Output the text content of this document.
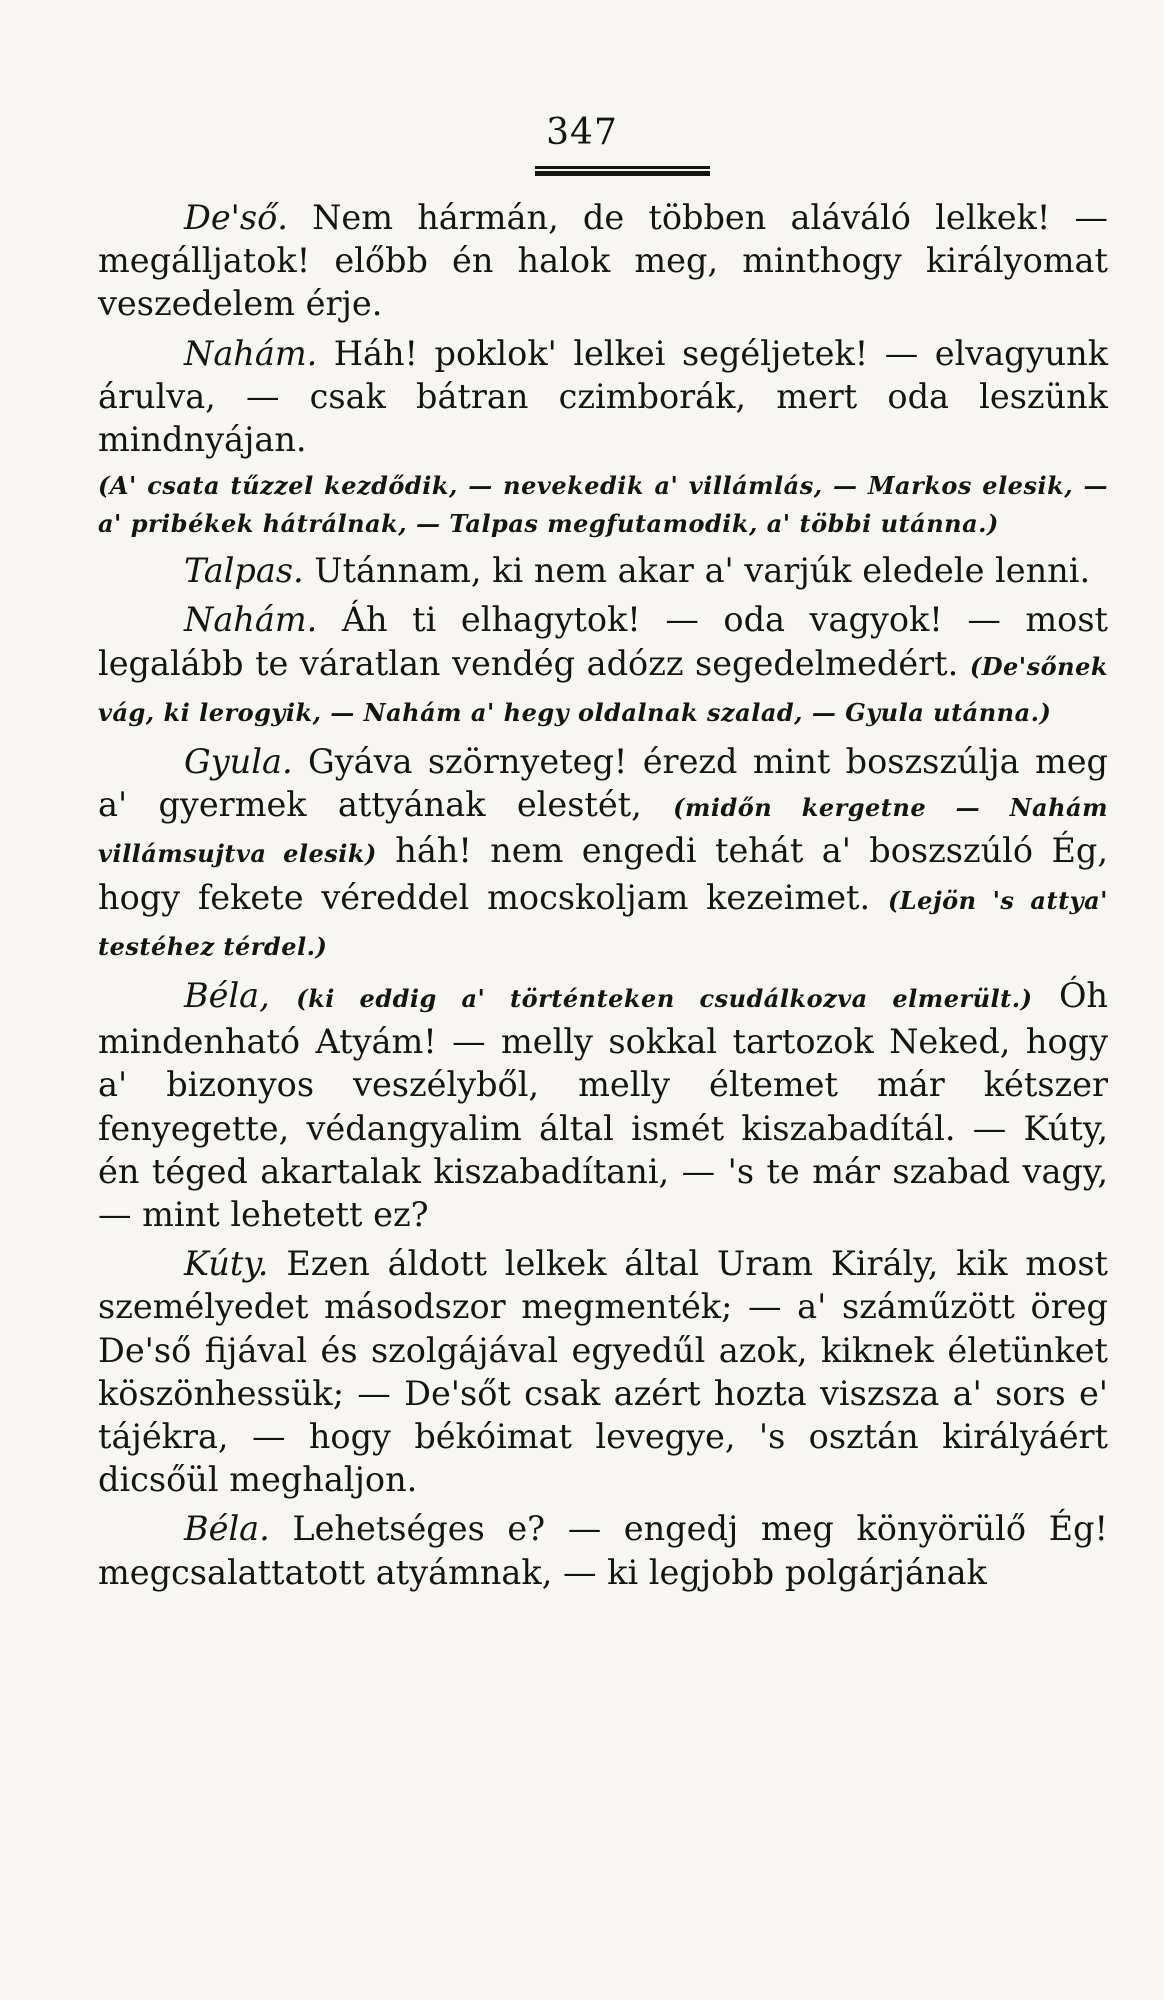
347

De'ső. Nem hármán, de többen aláváló lelkek! — megálljatok! előbb én halok meg, minthogy királyomat veszedelem érje.

Nahám. Háh! poklok' lelkei segéljetek! — elvagyunk árulva, — csak bátran czimborák, mert oda leszünk mindnyájan.

(A' csata tűzzel kezdődik, — nevekedik a' villámlás, — Markos elesik, — a' pribékek hátrálnak, — Talpas megfutamodik, a' többi utánna.)

Talpas. Utánnam, ki nem akar a' varjúk eledele lenni.

Nahám. Áh ti elhagytok! — oda vagyok! — most legalább te váratlan vendég adózz segedelmedért. (De'sőnek vág, ki lerogyik, — Nahám a' hegy oldalnak szalad, — Gyula utánna.)

Gyula. Gyáva szörnyeteg! érezd mint boszszúlja meg a' gyermek attyának elestét, (midőn kergetne — Nahám villámsujtva elesik) háh! nem engedi tehát a' boszszúló Ég, hogy fekete véreddel mocskoljam kezeimet. (Lejön 's attya' testéhez térdel.)

Béla, (ki eddig a' történteken csudálkozva elmerült.) Óh mindenható Atyám! — melly sokkal tartozok Neked, hogy a' bizonyos veszélyből, melly éltemet már kétszer fenyegette, védangyalim által ismét kiszabadítál. — Kúty, én téged akartalak kiszabadítani, — 's te már szabad vagy, — mint lehetett ez?

Kúty. Ezen áldott lelkek által Uram Király, kik most személyedet másodszor megmenték; — a' száműzött öreg De'ső fijával és szolgájával egyedűl azok, kiknek életünket köszönhessük; — De'sőt csak azért hozta viszsza a' sors e' tájékra, — hogy békóimat levegye, 's osztán királyáért dicsőül meghaljon.

Béla. Lehetséges e? — engedj meg könyörülő Ég! megcsalattatott atyámnak, — ki legjobb polgárjának
